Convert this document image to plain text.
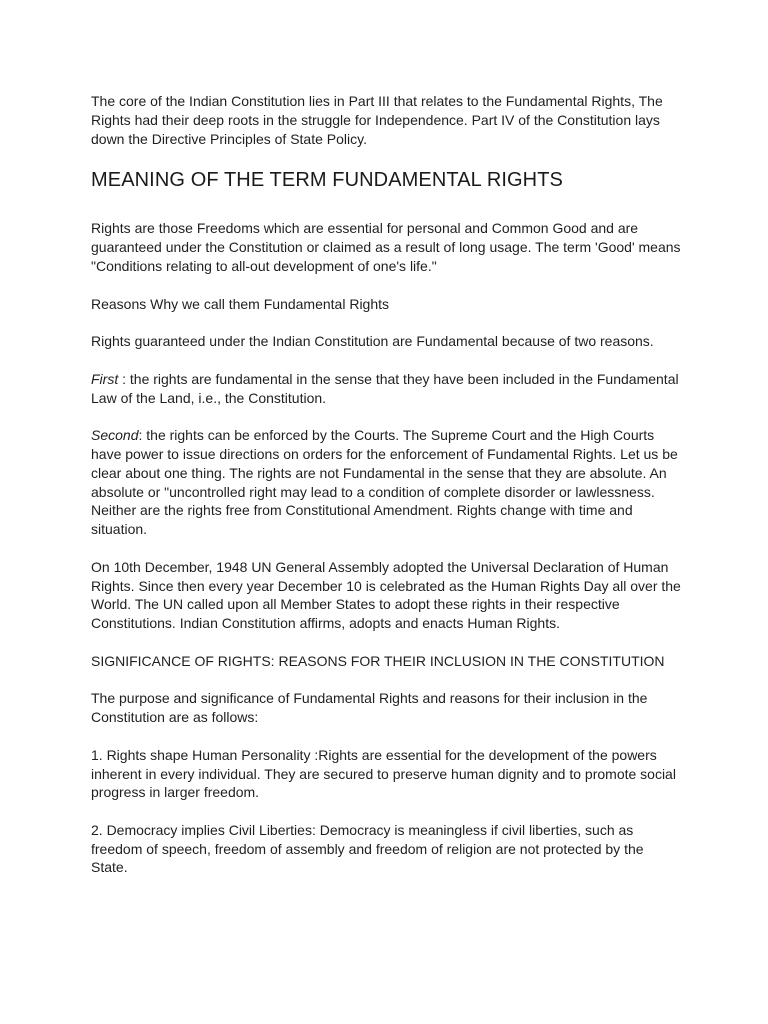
The core of the Indian Constitution lies in Part III that relates to the Fundamental Rights, The Rights had their deep roots in the struggle for Independence. Part IV of the Constitution lays down the Directive Principles of State Policy.

MEANING OF THE TERM FUNDAMENTAL RIGHTS

Rights are those Freedoms which are essential for personal and Common Good and are guaranteed under the Constitution or claimed as a result of long usage. The term 'Good' means "Conditions relating to all-out development of one's life."

Reasons Why we call them Fundamental Rights

Rights guaranteed under the Indian Constitution are Fundamental because of two reasons.

First : the rights are fundamental in the sense that they have been included in the Fundamental Law of the Land, i.e., the Constitution.

Second: the rights can be enforced by the Courts. The Supreme Court and the High Courts have power to issue directions on orders for the enforcement of Fundamental Rights. Let us be clear about one thing. The rights are not Fundamental in the sense that they are absolute. An absolute or "uncontrolled right may lead to a condition of complete disorder or lawlessness. Neither are the rights free from Constitutional Amendment. Rights change with time and situation.

On 10th December, 1948 UN General Assembly adopted the Universal Declaration of Human Rights. Since then every year December 10 is celebrated as the Human Rights Day all over the World. The UN called upon all Member States to adopt these rights in their respective Constitutions. Indian Constitution affirms, adopts and enacts Human Rights.

SIGNIFICANCE OF RIGHTS: REASONS FOR THEIR INCLUSION IN THE CONSTITUTION

The purpose and significance of Fundamental Rights and reasons for their inclusion in the Constitution are as follows:

1. Rights shape Human Personality :Rights are essential for the development of the powers inherent in every individual. They are secured to preserve human dignity and to promote social progress in larger freedom.

2. Democracy implies Civil Liberties: Democracy is meaningless if civil liberties, such as freedom of speech, freedom of assembly and freedom of religion are not protected by the State.
